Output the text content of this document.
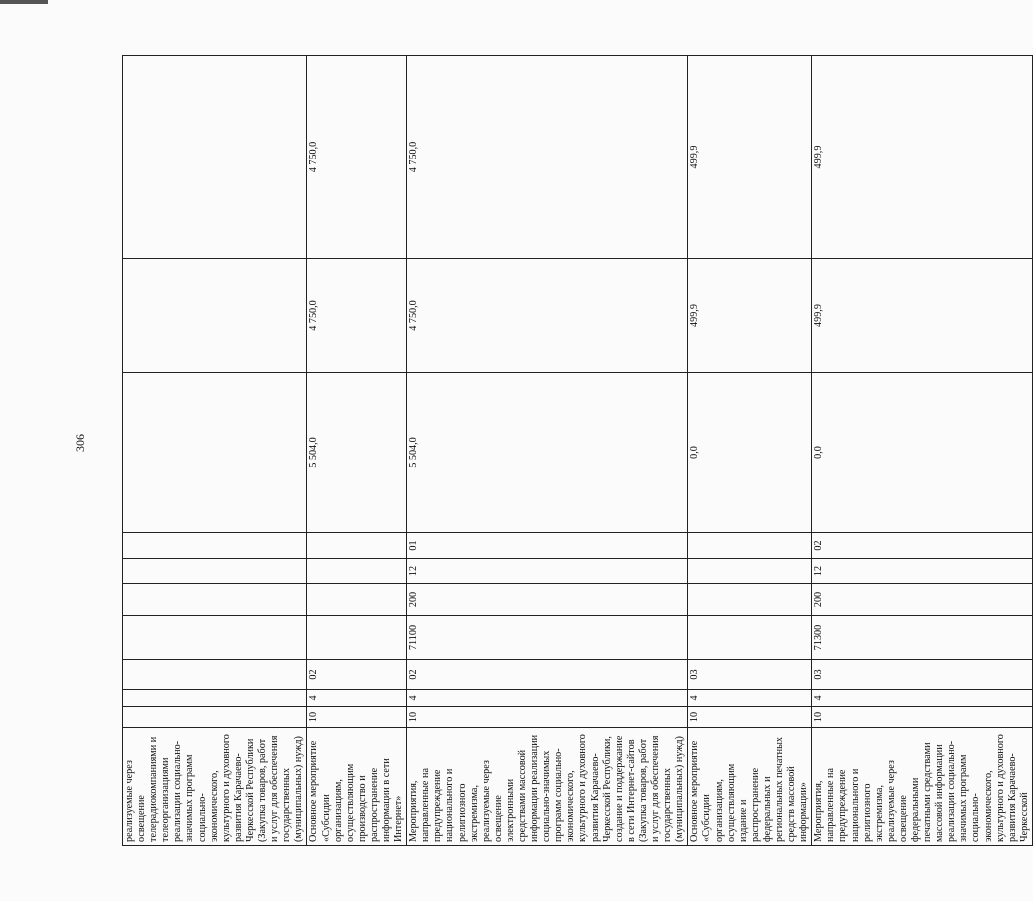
306
реализуемые через освещение телерадиокомпаниями и телеорганизациями реализации социально-значимых программ социально-экономического, культурного и духовного развития Карачаево-Черкесской Республики (Закупка товаров, работ и услуг для обеспечения государственных (муниципальных) нужд)										
Основное мероприятие «Субсидии организациям, осуществляющим производство и распространение информации в сети Интернет»	10	4	02					5 504,0	4 750,0	4 750,0
Мероприятия, направленные на предупреждение национального и религиозного экстремизма, реализуемые через освещение электронными средствами массовой информации реализации социально-значимых программ социально-экономического, культурного и духовного развития Карачаево-Черкесской Республики, создание и поддержание в сети Интернет-сайтов (Закупка товаров, работ и услуг для обеспечения государственных (муниципальных) нужд)	10	4	02	71100	200	12	01	5 504,0	4 750,0	4 750,0
Основное мероприятие «Субсидии организациям, осуществляющим издание и распространение федеральных и региональных печатных средств массовой информации»	10	4	03					0,0	499,9	499,9
Мероприятия, направленные на предупреждение национального и религиозного экстремизма, реализуемые через освещение федеральными печатными средствами массовой информации реализации социально-значимых программ социально-экономического, культурного и духовного развития Карачаево-Черкесской	10	4	03	71300	200	12	02	0,0	499,9	499,9
